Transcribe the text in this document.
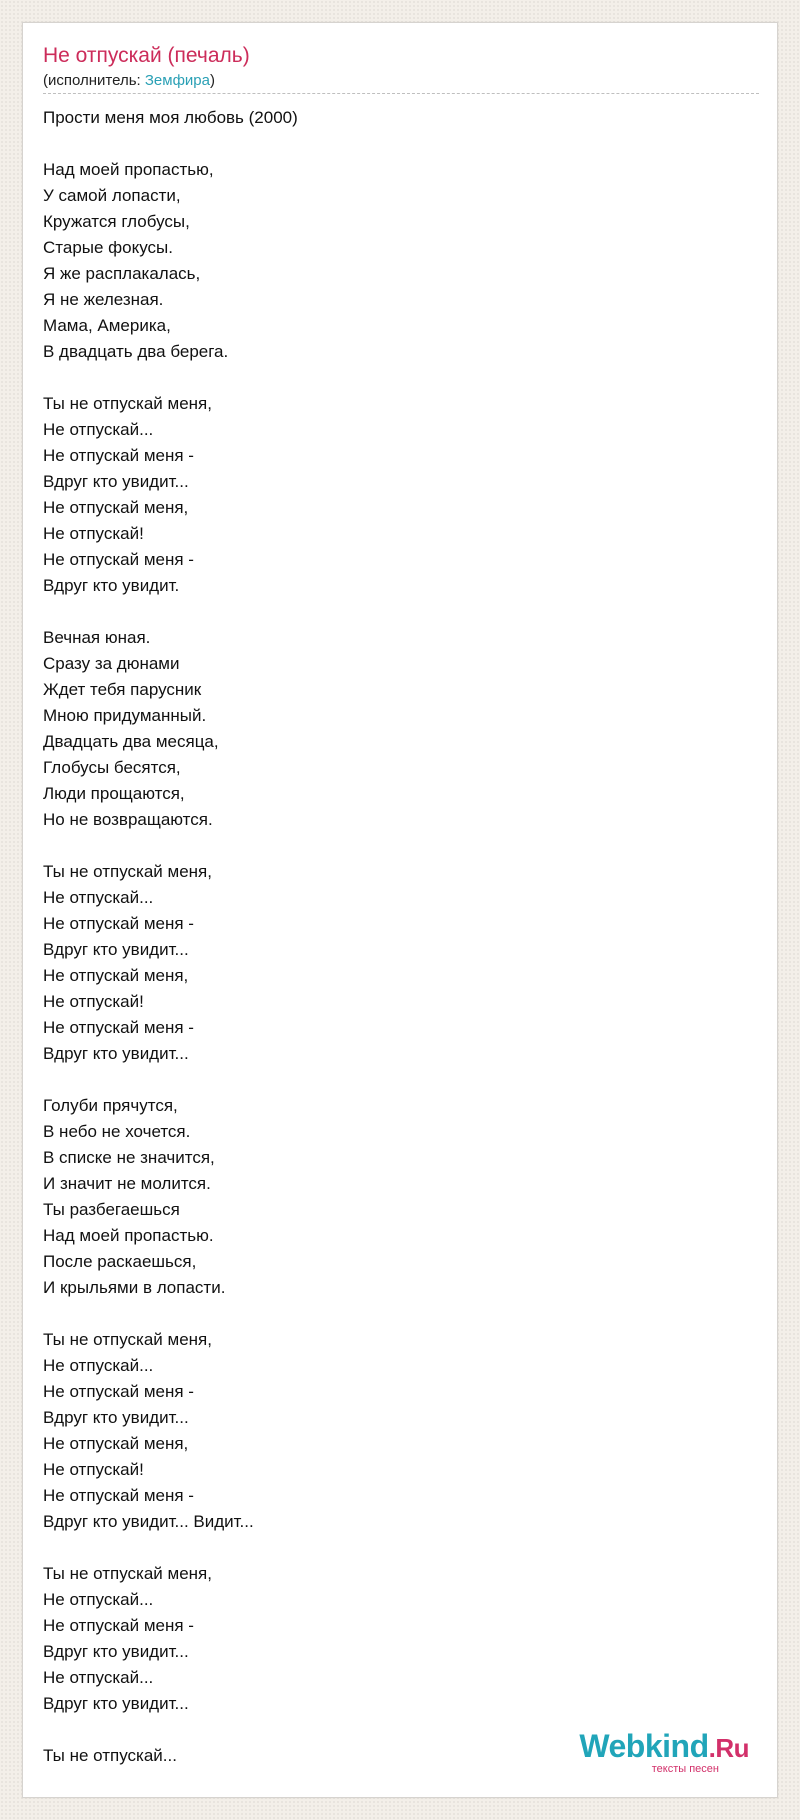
Не отпускай (печаль)
(исполнитель: Земфира)
Прости меня моя любовь (2000)
Над моей пропастью,
У самой лопасти,
Кружатся глобусы,
Старые фокусы.
Я же расплакалась,
Я не железная.
Мама, Америка,
В двадцать два берега.
Ты не отпускай меня,
Не отпускай...
Не отпускай меня -
Вдруг кто увидит...
Не отпускай меня,
Не отпускай!
Не отпускай меня -
Вдруг кто увидит.
Вечная юная.
Сразу за дюнами
Ждет тебя парусник
Мною придуманный.
Двадцать два месяца,
Глобусы бесятся,
Люди прощаются,
Но не возвращаются.
Ты не отпускай меня,
Не отпускай...
Не отпускай меня -
Вдруг кто увидит...
Не отпускай меня,
Не отпускай!
Не отпускай меня -
Вдруг кто увидит...
Голуби прячутся,
В небо не хочется.
В списке не значится,
И значит не молится.
Ты разбегаешься
Над моей пропастью.
После раскаешься,
И крыльями в лопасти.
Ты не отпускай меня,
Не отпускай...
Не отпускай меня -
Вдруг кто увидит...
Не отпускай меня,
Не отпускай!
Не отпускай меня -
Вдруг кто увидит... Видит...
Ты не отпускай меня,
Не отпускай...
Не отпускай меня -
Вдруг кто увидит...
Не отпускай...
Вдруг кто увидит...
Ты не отпускай...	Webkind.Ru
тексты песен
